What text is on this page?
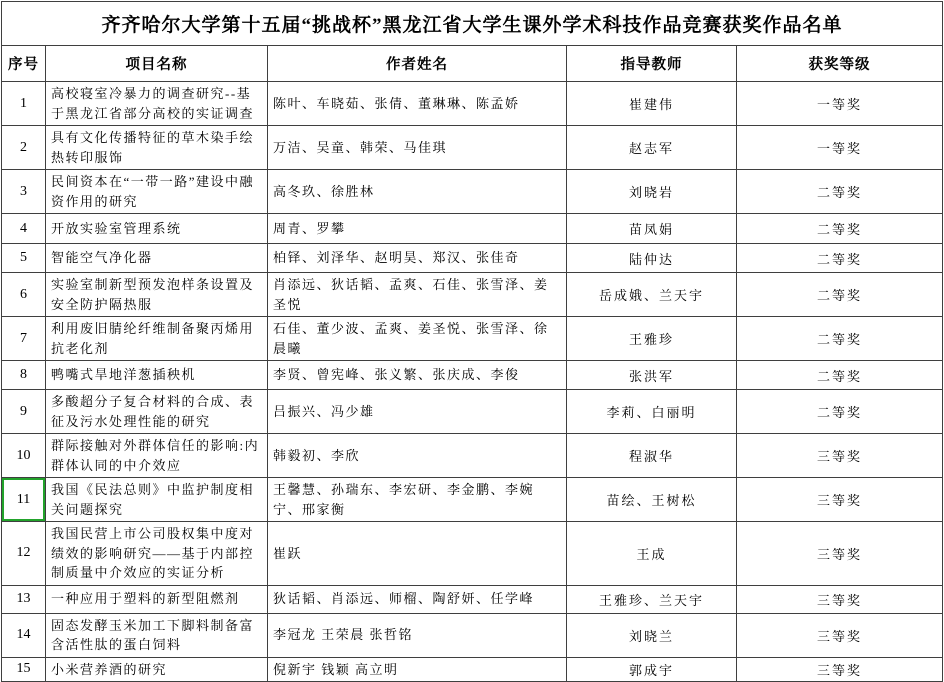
齐齐哈尔大学第十五届“挑战杯”黑龙江省大学生课外学术科技作品竞赛获奖作品名单				
序号	项目名称	作者姓名	指导教师	获奖等级
1	高校寝室冷暴力的调查研究--基于黑龙江省部分高校的实证调查	陈叶、车晓茹、张倩、董琳琳、陈孟娇	崔建伟	一等奖
2	具有文化传播特征的草木染手绘热转印服饰	万洁、吴童、韩荣、马佳琪	赵志军	一等奖
3	民间资本在“一带一路”建设中融资作用的研究	高冬玖、徐胜林	刘晓岩	二等奖
4	开放实验室管理系统	周青、罗攀	苗凤娟	二等奖
5	智能空气净化器	柏铎、刘泽华、赵明昊、郑汉、张佳奇	陆仲达	二等奖
6	实验室制新型预发泡样条设置及安全防护隔热服	肖添远、狄话韬、孟爽、石佳、张雪泽、姜圣悦	岳成娥、兰天宇	二等奖
7	利用废旧腈纶纤维制备聚丙烯用抗老化剂	石佳、董少波、孟爽、姜圣悦、张雪泽、徐晨曦	王雅珍	二等奖
8	鸭嘴式旱地洋葱插秧机	李贤、曾宪峰、张义繁、张庆成、李俊	张洪军	二等奖
9	多酸超分子复合材料的合成、表征及污水处理性能的研究	吕振兴、冯少雄	李莉、白丽明	二等奖
10	群际接触对外群体信任的影响:内群体认同的中介效应	韩毅初、李欣	程淑华	三等奖
11	我国《民法总则》中监护制度相关问题探究	王馨慧、孙瑞东、李宏研、李金鹏、李婉宁、邢家衡	苗绘、王树松	三等奖
12	我国民营上市公司股权集中度对绩效的影响研究——基于内部控制质量中介效应的实证分析	崔跃	王成	三等奖
13	一种应用于塑料的新型阻燃剂	狄话韬、肖添远、师榴、陶舒妍、任学峰	王雅珍、兰天宇	三等奖
14	固态发酵玉米加工下脚料制备富含活性肽的蛋白饲料	李冠龙 王荣晨 张哲铭	刘晓兰	三等奖
15	小米营养酒的研究	倪新宇 钱颖 高立明	郭成宇	三等奖
